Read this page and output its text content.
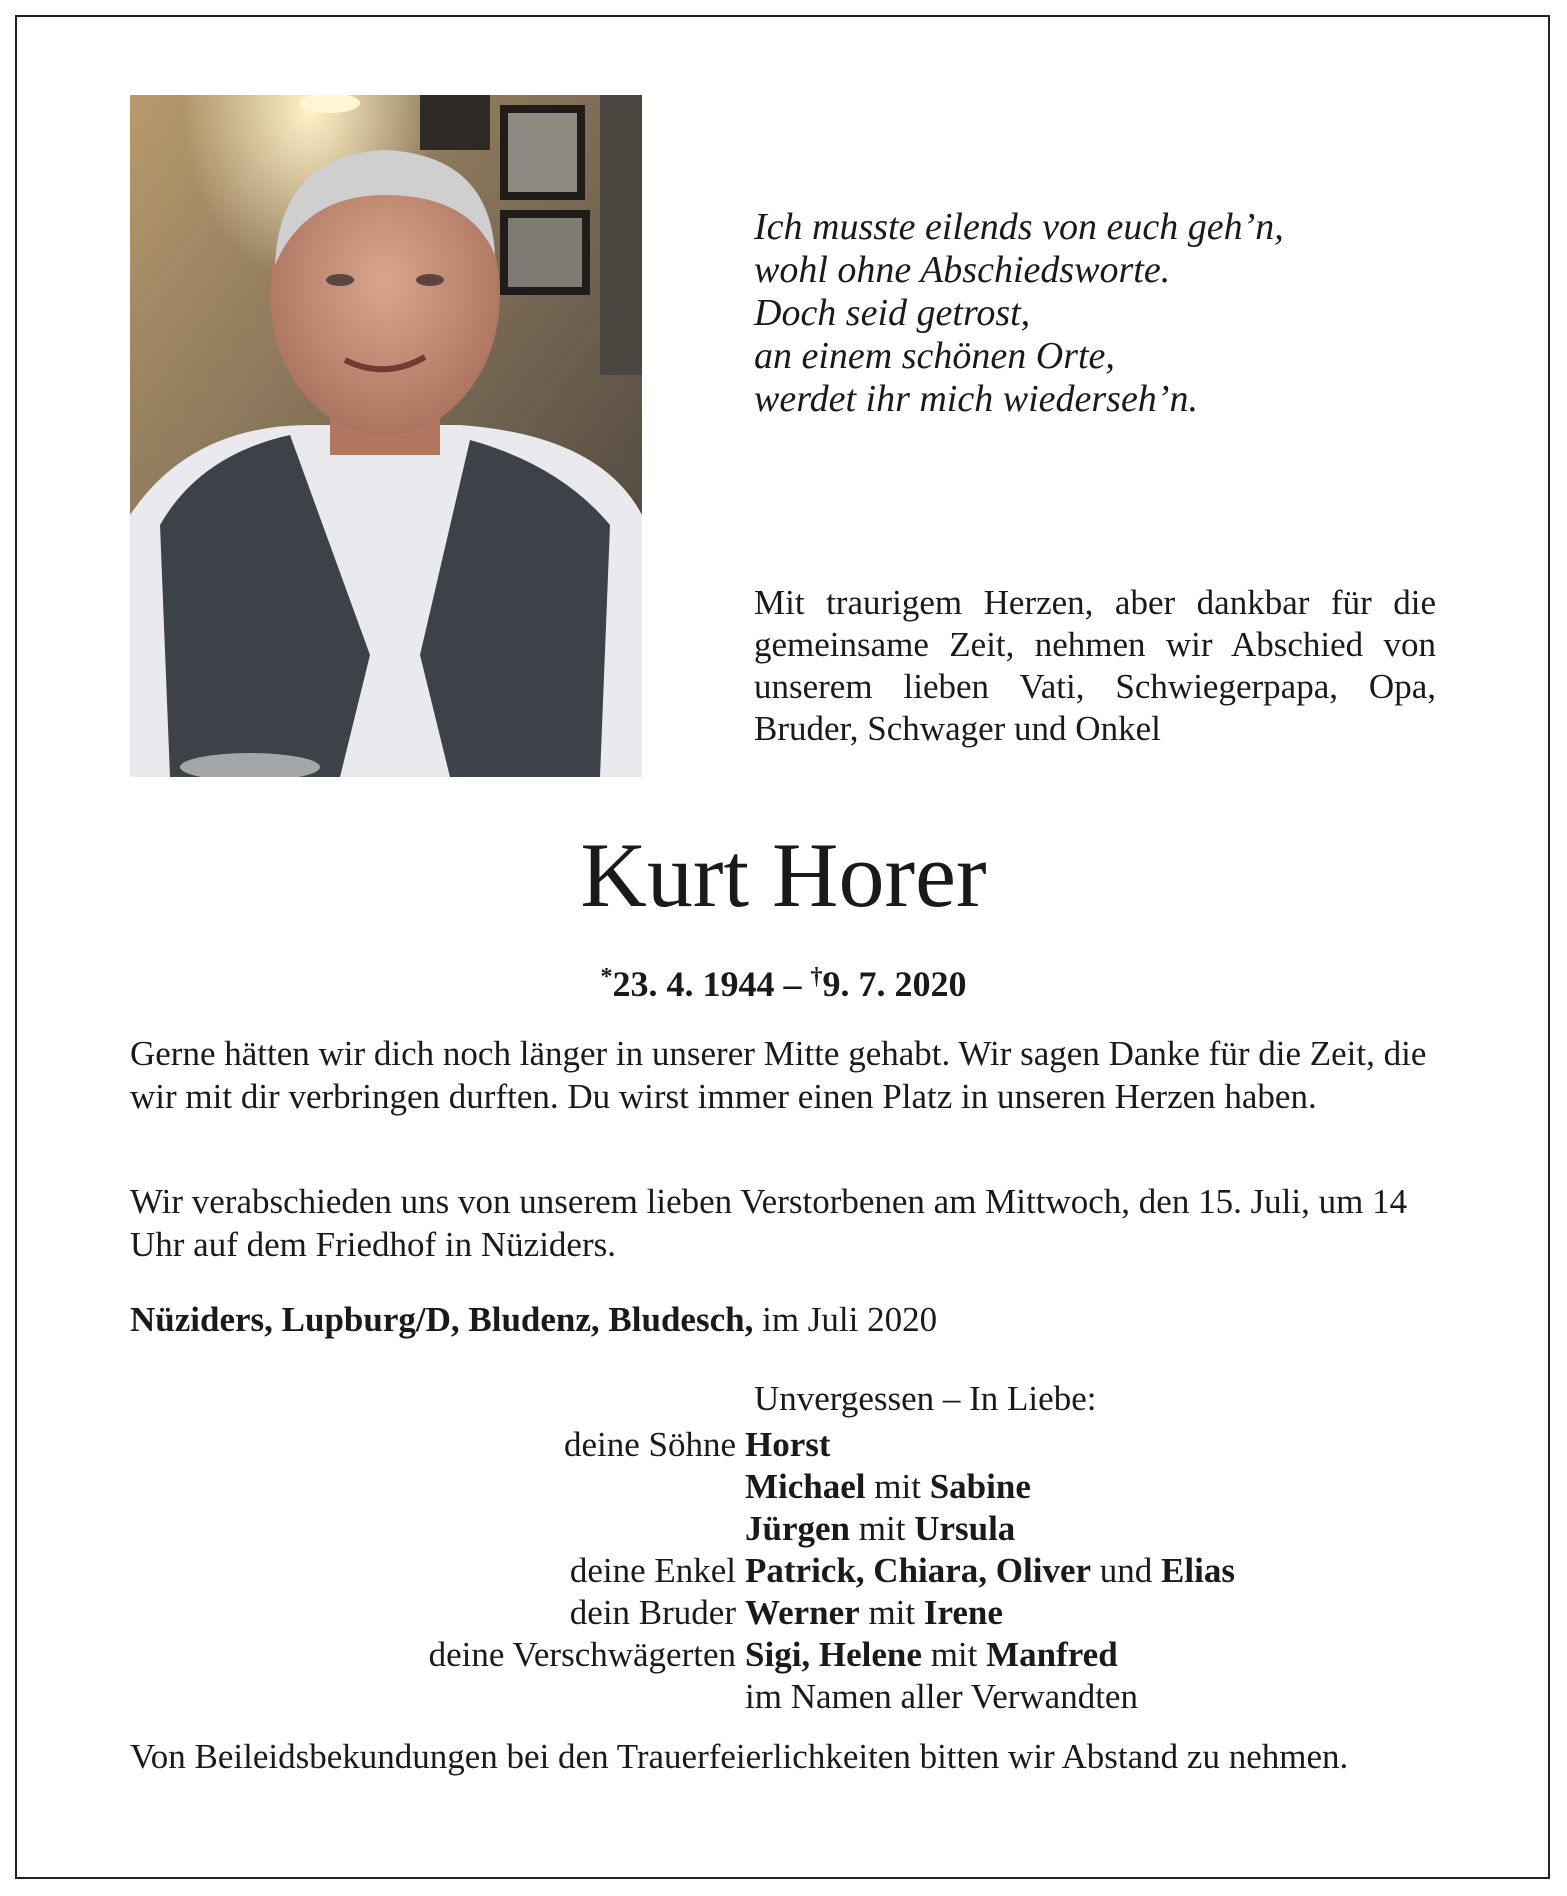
Ich musste eilends von euch geh’n,
wohl ohne Abschiedsworte.
Doch seid getrost,
an einem schönen Orte,
werdet ihr mich wiederseh’n.
Mit traurigem Herzen, aber dankbar für die gemeinsame Zeit, nehmen wir Abschied von unserem lieben Vati, Schwiegerpapa, Opa, Bruder, Schwager und Onkel
Kurt Horer
*23. 4. 1944 – †9. 7. 2020
Gerne hätten wir dich noch länger in unserer Mitte gehabt. Wir sagen Danke für die Zeit, die wir mit dir verbringen durften. Du wirst immer einen Platz in unseren Herzen haben.
Wir verabschieden uns von unserem lieben Verstorbenen am Mittwoch, den 15. Juli, um 14 Uhr auf dem Friedhof in Nüziders.
Nüziders, Lupburg/D, Bludenz, Bludesch, im Juli 2020
Unvergessen – In Liebe:
deine Söhne Horst
Michael mit Sabine
Jürgen mit Ursula
deine Enkel Patrick, Chiara, Oliver und Elias
dein Bruder Werner mit Irene
deine Verschwägerten Sigi, Helene mit Manfred
im Namen aller Verwandten
Von Beileidsbekundungen bei den Trauerfeierlichkeiten bitten wir Abstand zu nehmen.
